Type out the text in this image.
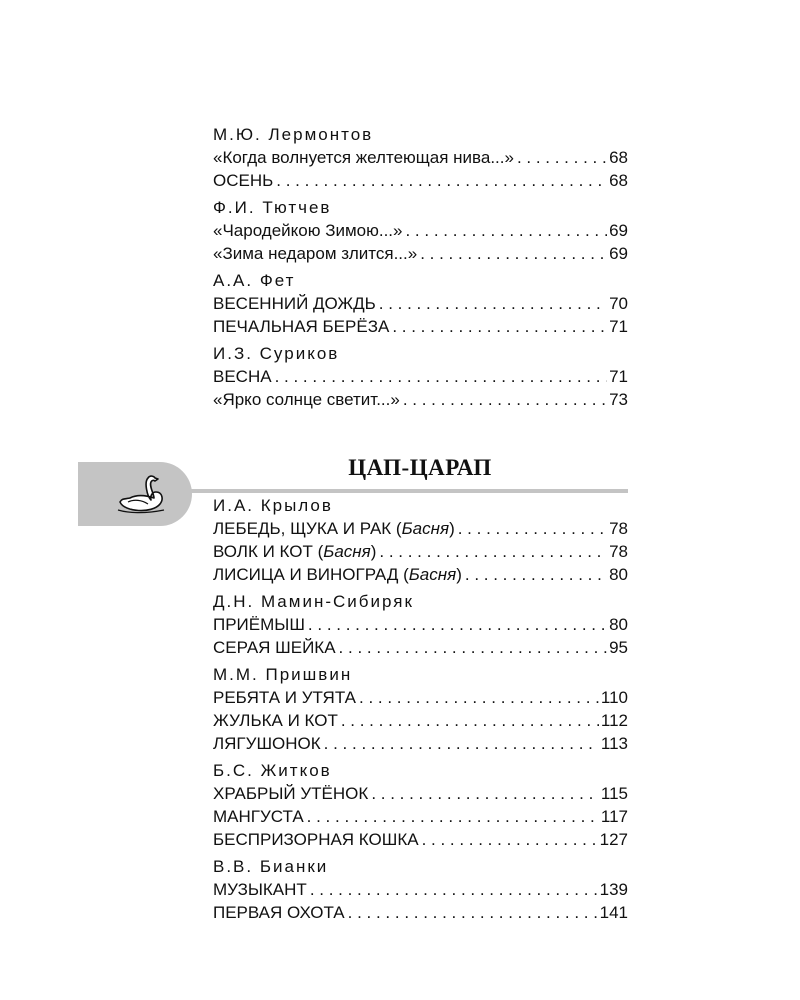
М.Ю. Лермонтов
«Когда волнуется желтеющая нива...» . . .	68
ОСЕНЬ . . .	68
Ф.И. Тютчев
«Чародейкою Зимою...» . . .	69
«Зима недаром злится...» . . .	69
А.А. Фет
ВЕСЕННИЙ ДОЖДЬ . . .	70
ПЕЧАЛЬНАЯ БЕРЁЗА . . .	71
И.З. Суриков
ВЕСНА . . .	71
«Ярко солнце светит...» . . .	73
ЦАП-ЦАРАП
И.А. Крылов
ЛЕБЕДЬ, ЩУКА И РАК (Басня) . . .	78
ВОЛК И КОТ (Басня) . . .	78
ЛИСИЦА И ВИНОГРАД (Басня) . . .	80
Д.Н. Мамин-Сибиряк
ПРИЁМЫШ . . .	80
СЕРАЯ ШЕЙКА . . .	95
М.М. Пришвин
РЕБЯТА И УТЯТА . . .	110
ЖУЛЬКА И КОТ . . .	112
ЛЯГУШОНОК . . .	113
Б.С. Житков
ХРАБРЫЙ УТЁНОК . . .	115
МАНГУСТА . . .	117
БЕСПРИЗОРНАЯ КОШКА . . .	127
В.В. Бианки
МУЗЫКАНТ . . .	139
ПЕРВАЯ ОХОТА . . .	141
